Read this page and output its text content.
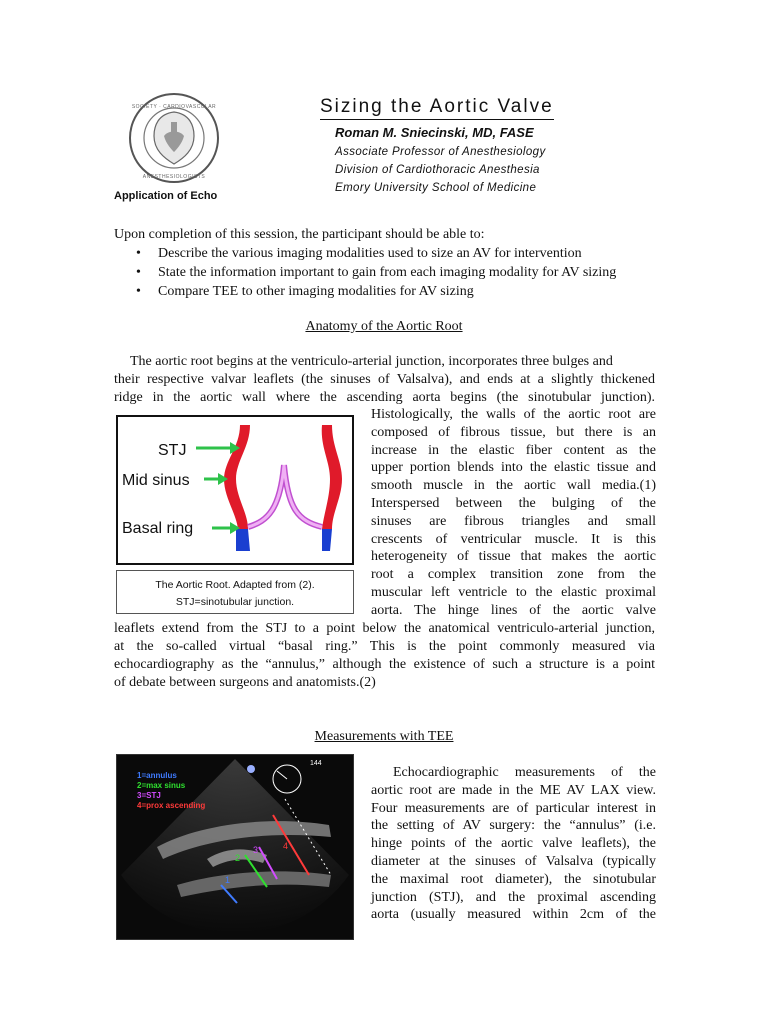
SOCIETY · CARDIOVASCULAR
ANESTHESIOLOGISTS
Application of Echo
Sizing the Aortic Valve
Roman M. Sniecinski, MD, FASE
Associate Professor of Anesthesiology
Division of Cardiothoracic Anesthesia
Emory University School of Medicine
Upon completion of this session, the participant should be able to:
• Describe the various imaging modalities used to size an AV for intervention
• State the information important to gain from each imaging modality for AV sizing
• Compare TEE to other imaging modalities for AV sizing
Anatomy of the Aortic Root
The aortic root begins at the ventriculo-arterial junction, incorporates three bulges and
their respective valvar leaflets (the sinuses of Valsalva), and ends at a slightly thickened
ridge in the aortic wall where the ascending aorta begins (the sinotubular junction).
Histologically, the walls of the aortic root are
composed of fibrous tissue, but there is an
increase in the elastic fiber content as the
upper portion blends into the elastic tissue and
smooth muscle in the aortic wall media.(1)
Interspersed between the bulging of the
sinuses are fibrous triangles and small
crescents of ventricular muscle. It is this
heterogeneity of tissue that makes the aortic
root a complex transition zone from the
muscular left ventricle to the elastic proximal
aorta. The hinge lines of the aortic valve
leaflets extend from the STJ to a point below the anatomical ventriculo-arterial junction,
at the so-called virtual “basal ring.” This is the point commonly measured via
echocardiography as the “annulus,” although the existence of such a structure is a point
of debate between surgeons and anatomists.(2)
STJ
Mid sinus
Basal ring
The Aortic Root. Adapted from (2).
STJ=sinotubular junction.
Measurements with TEE
1
2
3	4
1=annulus
2=max sinus
3=STJ
4=prox ascending
144
Echocardiographic measurements of the
aortic root are made in the ME AV LAX view.
Four measurements are of particular interest in
the setting of AV surgery: the “annulus” (i.e.
hinge points of the aortic valve leaflets), the
diameter at the sinuses of Valsalva (typically
the maximal root diameter), the sinotubular
junction (STJ), and the proximal ascending
aorta (usually measured within 2cm of the
